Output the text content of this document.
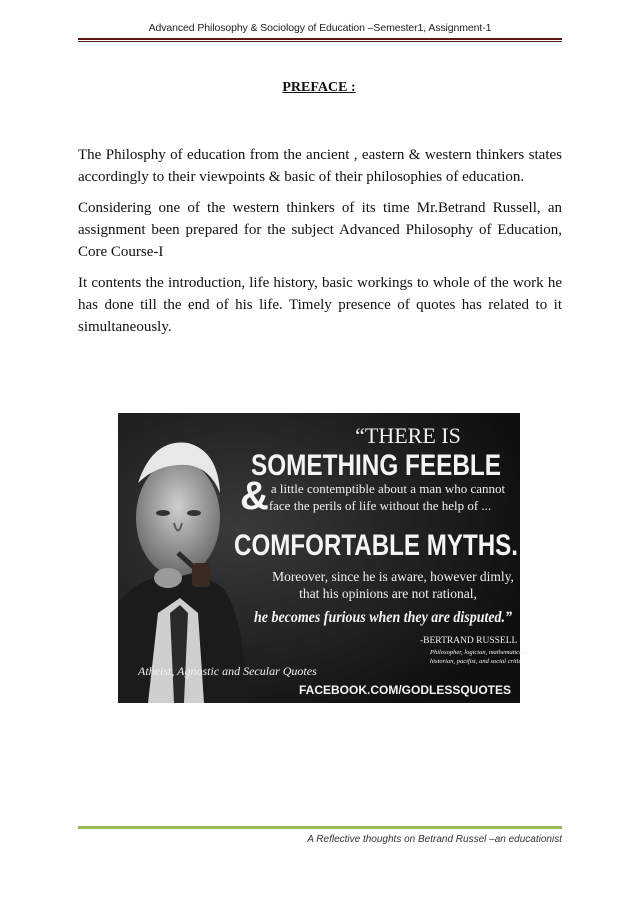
Advanced Philosophy & Sociology of Education –Semester1, Assignment-1
PREFACE :

The Philosphy of education from the ancient , eastern & western thinkers states accordingly to their viewpoints & basic of their philosophies of education.

Considering one of the western thinkers of its time Mr.Betrand Russell, an assignment been prepared for the subject Advanced Philosophy of Education, Core Course-I

It contents the introduction, life history, basic workings to whole of the work he has done till the end of his life. Timely presence of quotes has related to it simultaneously.

“THERE IS
SOMETHING FEEBLE
& a little contemptible about a man who cannot
face the perils of life without the help of ...
COMFORTABLE MYTHS.
Moreover, since he is aware, however dimly,
that his opinions are not rational,
he becomes furious when they are disputed.”
-BERTRAND RUSSELL
Philosopher, logician, mathematician,
historian, pacifist, and social critic.
Atheist, Agnostic and Secular Quotes
FACEBOOK.COM/GODLESSQUOTES
A Reflective thoughts on Betrand Russel –an educationist
